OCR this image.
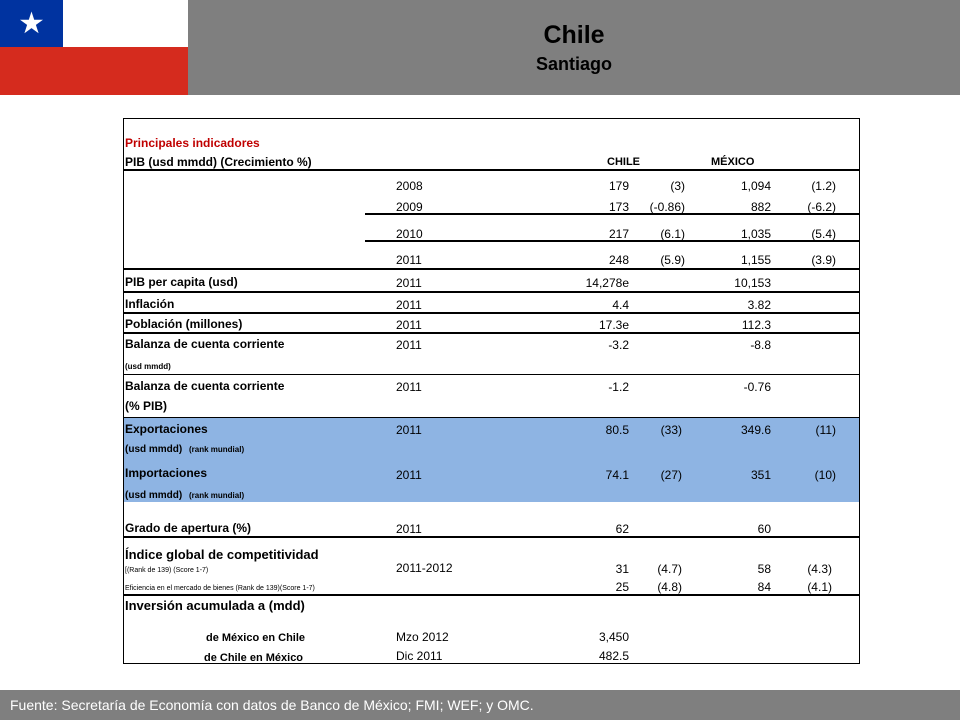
Chile
Santiago
Principales indicadores
PIB (usd mmdd) (Crecimiento %)	CHILE	MÉXICO
2008	179	(3)	1,094	(1.2)
2009	173	(-0.86)	882	(-6.2)
2010	217	(6.1)	1,035	(5.4)
2011	248	(5.9)	1,155	(3.9)
PIB per capita (usd)	2011	14,278e	10,153
Inflación	2011	4.4	3.82
Población (millones)	2011	17.3e	112.3
Balanza de cuenta corriente
(usd mmdd)
2011	-3.2	-8.8
Balanza de cuenta corriente
(% PIB)
2011	-1.2	-0.76
Exportaciones
(usd mmdd) (rank mundial)
2011	80.5	(33)	349.6	(11)
Importaciones
(usd mmdd) (rank mundial)
2011	74.1	(27)	351	(10)
Grado de apertura (%)	2011	62	60
Índice global de competitividad
[(Rank de 139) (Score 1-7)	2011-2012	31	(4.7)	58	(4.3)
Eficiencia en el mercado de bienes (Rank de 139)(Score 1-7)	25	(4.8)	84	(4.1)
Inversión acumulada a (mdd)
de México en Chile	Mzo 2012	3,450
de Chile en México	Dic 2011	482.5
Fuente: Secretaría de Economía con datos de Banco de México; FMI; WEF; y OMC.
